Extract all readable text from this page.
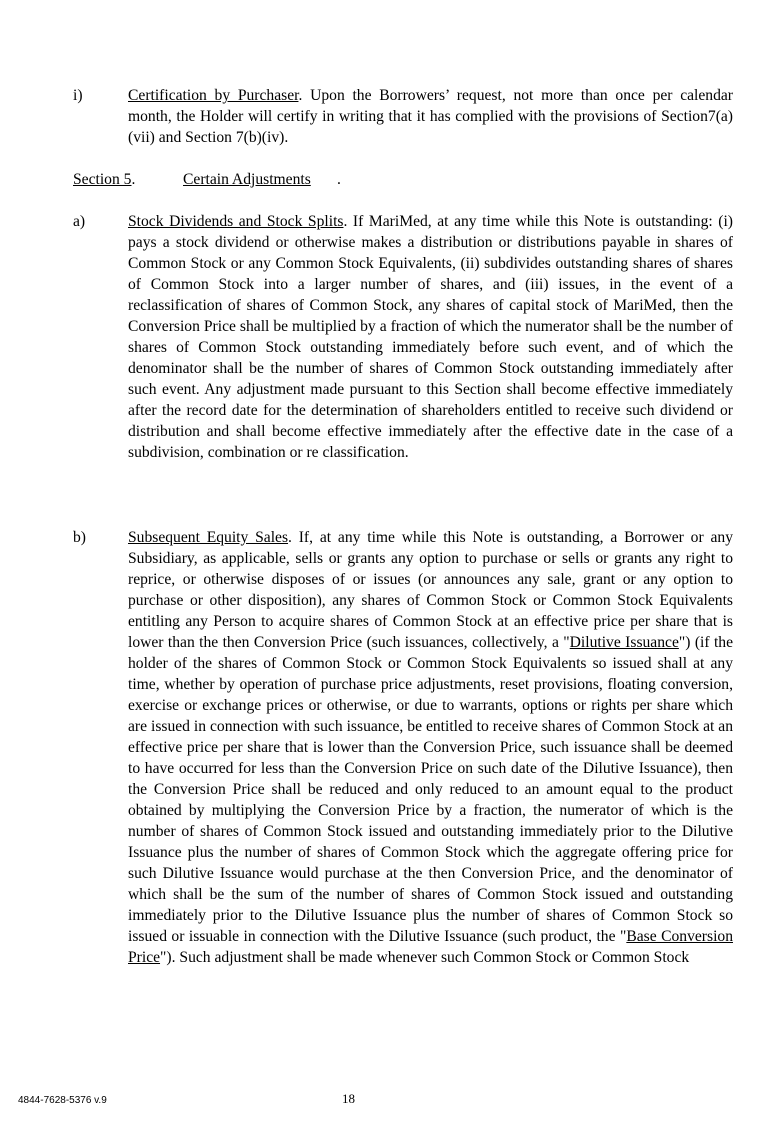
i)	Certification by Purchaser. Upon the Borrowers’ request, not more than once per calendar month, the Holder will certify in writing that it has complied with the provisions of Section7(a)(vii) and Section 7(b)(iv).
Section 5.	Certain Adjustments .
a)	Stock Dividends and Stock Splits. If MariMed, at any time while this Note is outstanding: (i) pays a stock dividend or otherwise makes a distribution or distributions payable in shares of Common Stock or any Common Stock Equivalents, (ii) subdivides outstanding shares of shares of Common Stock into a larger number of shares, and (iii) issues, in the event of a reclassification of shares of Common Stock, any shares of capital stock of MariMed, then the Conversion Price shall be multiplied by a fraction of which the numerator shall be the number of shares of Common Stock outstanding immediately before such event, and of which the denominator shall be the number of shares of Common Stock outstanding immediately after such event. Any adjustment made pursuant to this Section shall become effective immediately after the record date for the determination of shareholders entitled to receive such dividend or distribution and shall become effective immediately after the effective date in the case of a subdivision, combination or re classification.
b)	Subsequent Equity Sales. If, at any time while this Note is outstanding, a Borrower or any Subsidiary, as applicable, sells or grants any option to purchase or sells or grants any right to reprice, or otherwise disposes of or issues (or announces any sale, grant or any option to purchase or other disposition), any shares of Common Stock or Common Stock Equivalents entitling any Person to acquire shares of Common Stock at an effective price per share that is lower than the then Conversion Price (such issuances, collectively, a "Dilutive Issuance") (if the holder of the shares of Common Stock or Common Stock Equivalents so issued shall at any time, whether by operation of purchase price adjustments, reset provisions, floating conversion, exercise or exchange prices or otherwise, or due to warrants, options or rights per share which are issued in connection with such issuance, be entitled to receive shares of Common Stock at an effective price per share that is lower than the Conversion Price, such issuance shall be deemed to have occurred for less than the Conversion Price on such date of the Dilutive Issuance), then the Conversion Price shall be reduced and only reduced to an amount equal to the product obtained by multiplying the Conversion Price by a fraction, the numerator of which is the number of shares of Common Stock issued and outstanding immediately prior to the Dilutive Issuance plus the number of shares of Common Stock which the aggregate offering price for such Dilutive Issuance would purchase at the then Conversion Price, and the denominator of which shall be the sum of the number of shares of Common Stock issued and outstanding immediately prior to the Dilutive Issuance plus the number of shares of Common Stock so issued or issuable in connection with the Dilutive Issuance (such product, the "Base Conversion Price"). Such adjustment shall be made whenever such Common Stock or Common Stock
4844-7628-5376 v.9	18
